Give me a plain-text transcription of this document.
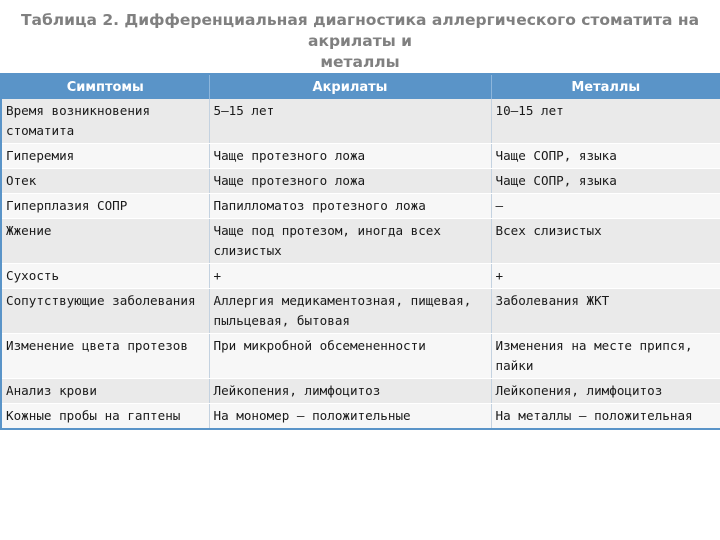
Таблица 2. Дифференциальная диагностика аллергического стоматита на акрилаты и
металлы
Симптомы	Акрилаты	Металлы
Время возникновения стоматита	5–15 лет	10–15 лет
Гиперемия	Чаще протезного ложа	Чаще СОПР, языка
Отек	Чаще протезного ложа	Чаще СОПР, языка
Гиперплазия СОПР	Папилломатоз протезного ложа	–
Жжение	Чаще под протезом, иногда всех слизистых	Всех слизистых
Сухость	+	+
Сопутствующие заболевания	Аллергия медикаментозная, пищевая, пыльцевая, бытовая	Заболевания ЖКТ
Изменение цвета протезов	При микробной обсемененности	Изменения на месте припся, пайки
Анализ крови	Лейкопения, лимфоцитоз	Лейкопения, лимфоцитоз
Кожные пробы на гаптены	На мономер — положительные	На металлы — положительная
